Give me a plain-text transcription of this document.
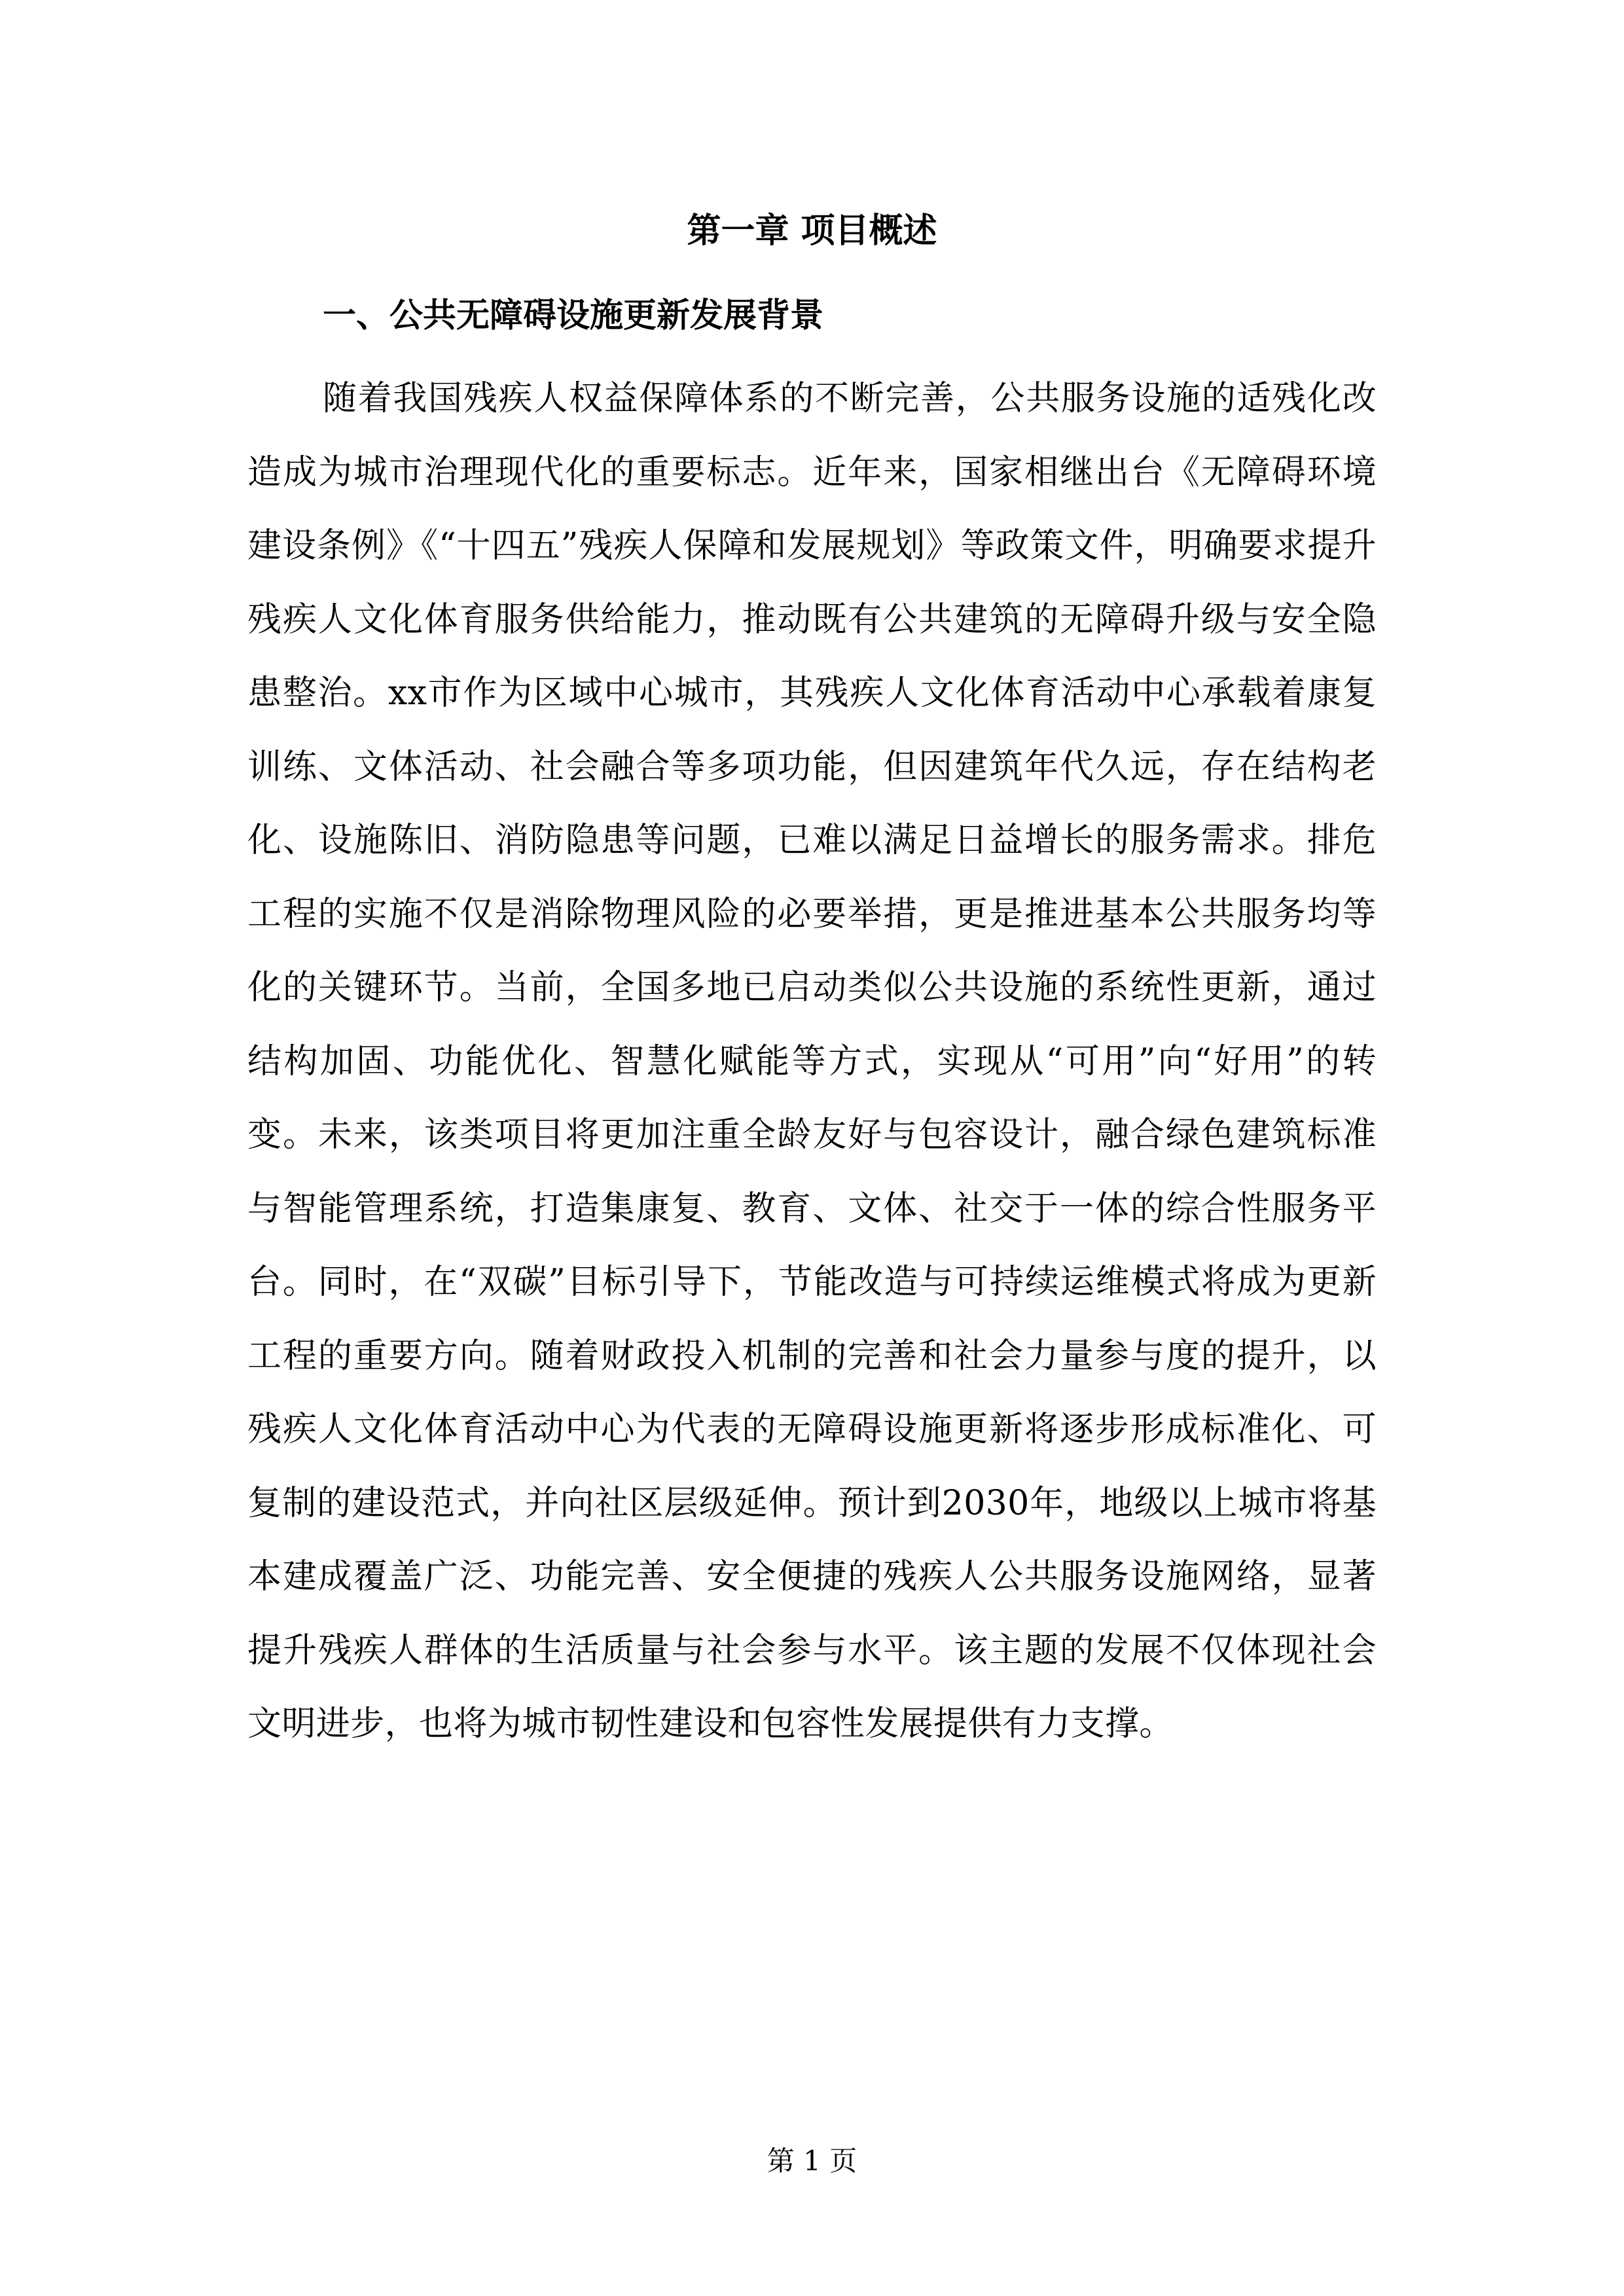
第一章 项目概述
一、公共无障碍设施更新发展背景

随着我国残疾人权益保障体系的不断完善，公共服务设施的适残化改造成为城市治理现代化的重要标志。近年来，国家相继出台《无障碍环境建设条例》《“十四五”残疾人保障和发展规划》等政策文件，明确要求提升残疾人文化体育服务供给能力，推动既有公共建筑的无障碍升级与安全隐患整治。xx市作为区域中心城市，其残疾人文化体育活动中心承载着康复训练、文体活动、社会融合等多项功能，但因建筑年代久远，存在结构老化、设施陈旧、消防隐患等问题，已难以满足日益增长的服务需求。排危工程的实施不仅是消除物理风险的必要举措，更是推进基本公共服务均等化的关键环节。当前，全国多地已启动类似公共设施的系统性更新，通过结构加固、功能优化、智慧化赋能等方式，实现从“可用”向“好用”的转变。未来，该类项目将更加注重全龄友好与包容设计，融合绿色建筑标准与智能管理系统，打造集康复、教育、文体、社交于一体的综合性服务平台。同时，在“双碳”目标引导下，节能改造与可持续运维模式将成为更新工程的重要方向。随着财政投入机制的完善和社会力量参与度的提升，以残疾人文化体育活动中心为代表的无障碍设施更新将逐步形成标准化、可复制的建设范式，并向社区层级延伸。预计到2030年，地级以上城市将基本建成覆盖广泛、功能完善、安全便捷的残疾人公共服务设施网络，显著提升残疾人群体的生活质量与社会参与水平。该主题的发展不仅体现社会文明进步，也将为城市韧性建设和包容性发展提供有力支撑。

第 1 页
